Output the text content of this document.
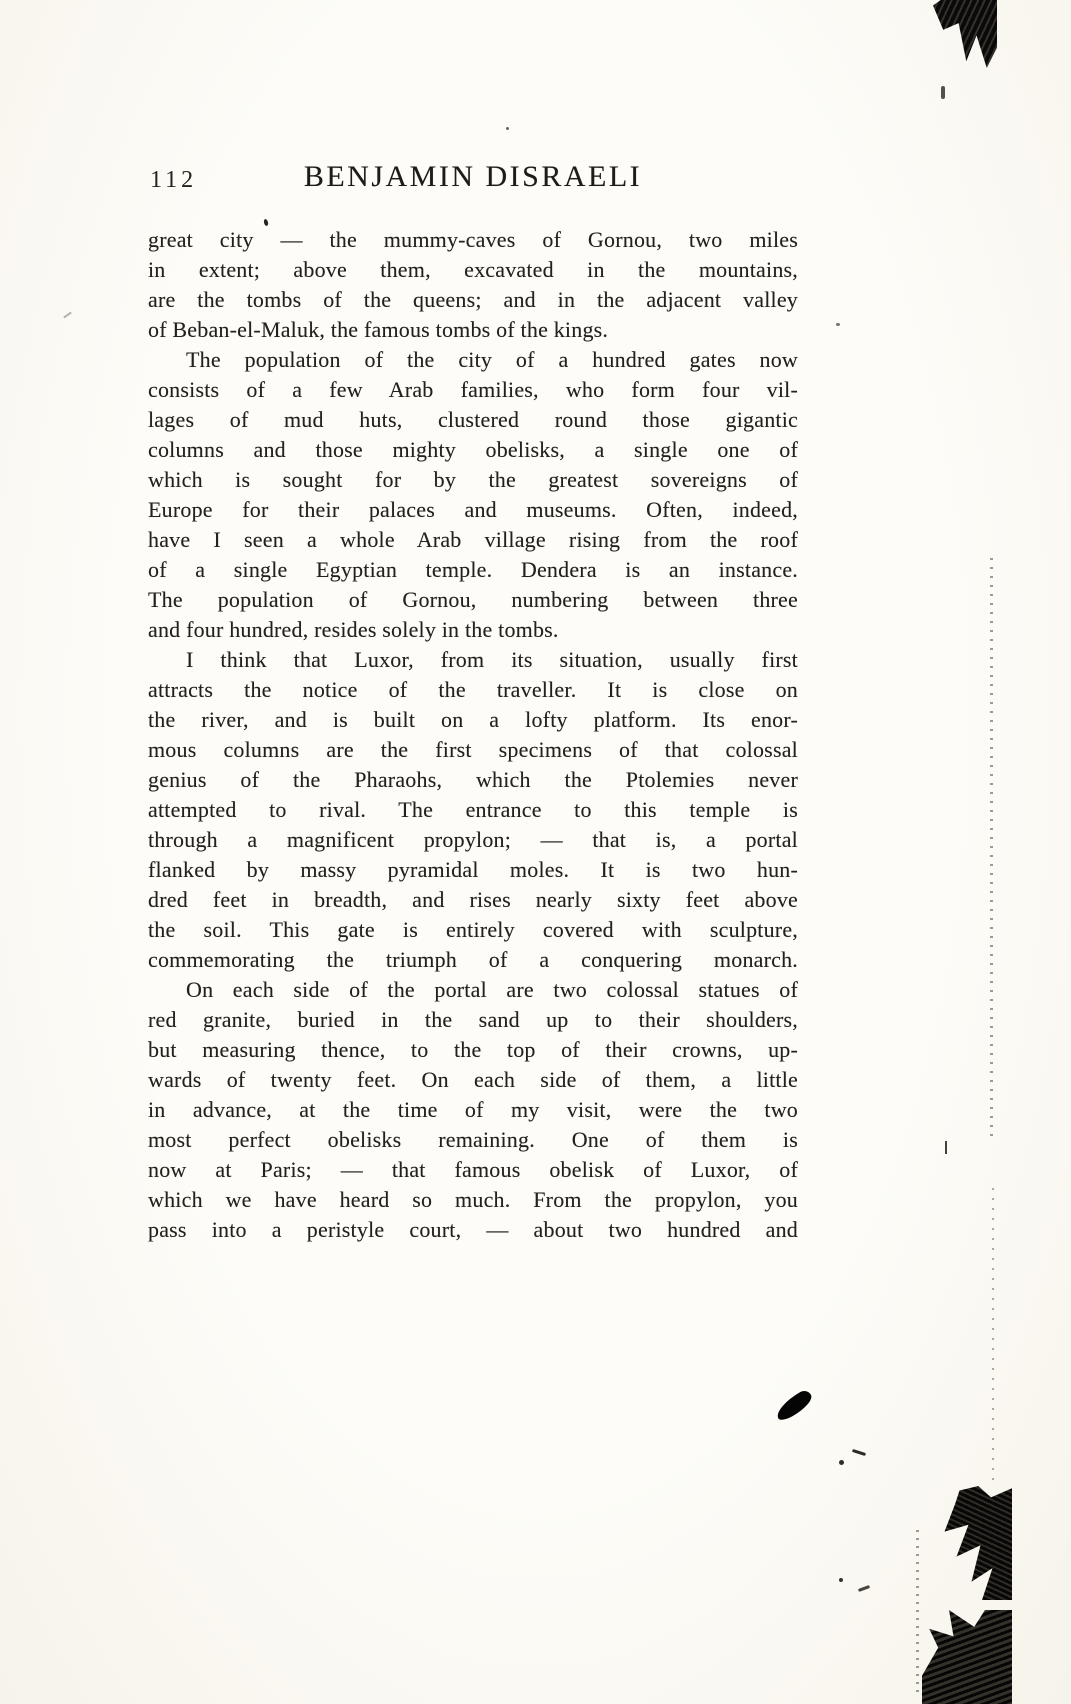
112	BENJAMIN DISRAELI

great city — the mummy-caves of Gornou, two miles
in extent; above them, excavated in the mountains,
are the tombs of the queens; and in the adjacent valley
of Beban-el-Maluk, the famous tombs of the kings.

The population of the city of a hundred gates now
consists of a few Arab families, who form four vil-
lages of mud huts, clustered round those gigantic
columns and those mighty obelisks, a single one of
which is sought for by the greatest sovereigns of
Europe for their palaces and museums. Often, indeed,
have I seen a whole Arab village rising from the roof
of a single Egyptian temple. Dendera is an instance.
The population of Gornou, numbering between three
and four hundred, resides solely in the tombs.

I think that Luxor, from its situation, usually first
attracts the notice of the traveller. It is close on
the river, and is built on a lofty platform. Its enor-
mous columns are the first specimens of that colossal
genius of the Pharaohs, which the Ptolemies never
attempted to rival. The entrance to this temple is
through a magnificent propylon; — that is, a portal
flanked by massy pyramidal moles. It is two hun-
dred feet in breadth, and rises nearly sixty feet above
the soil. This gate is entirely covered with sculpture,
commemorating the triumph of a conquering monarch.

On each side of the portal are two colossal statues of
red granite, buried in the sand up to their shoulders,
but measuring thence, to the top of their crowns, up-
wards of twenty feet. On each side of them, a little
in advance, at the time of my visit, were the two
most perfect obelisks remaining. One of them is
now at Paris; — that famous obelisk of Luxor, of
which we have heard so much. From the propylon, you
pass into a peristyle court, — about two hundred and
